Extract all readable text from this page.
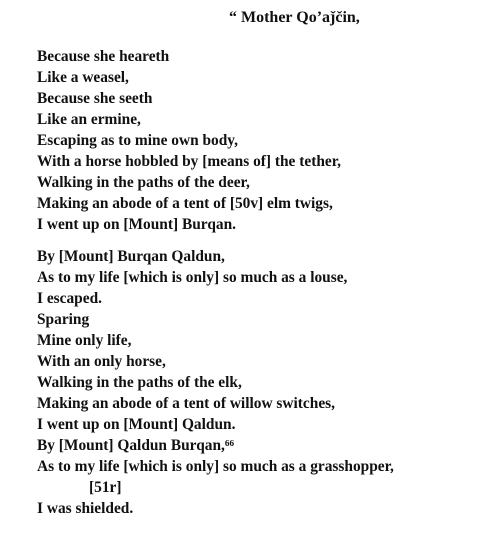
“ Mother Qo’aǰčin,
Because she heareth
Like a weasel,
Because she seeth
Like an ermine,
Escaping as to mine own body,
With a horse hobbled by [means of] the tether,
Walking in the paths of the deer,
Making an abode of a tent of [50v] elm twigs,
I went up on [Mount] Burqan.
By [Mount] Burqan Qaldun,
As to my life [which is only] so much as a louse,
I escaped.
Sparing
Mine only life,
With an only horse,
Walking in the paths of the elk,
Making an abode of a tent of willow switches,
I went up on [Mount] Qaldun.
By [Mount] Qaldun Burqan,⁶⁶
As to my life [which is only] so much as a grasshopper,
[51r]
I was shielded.
